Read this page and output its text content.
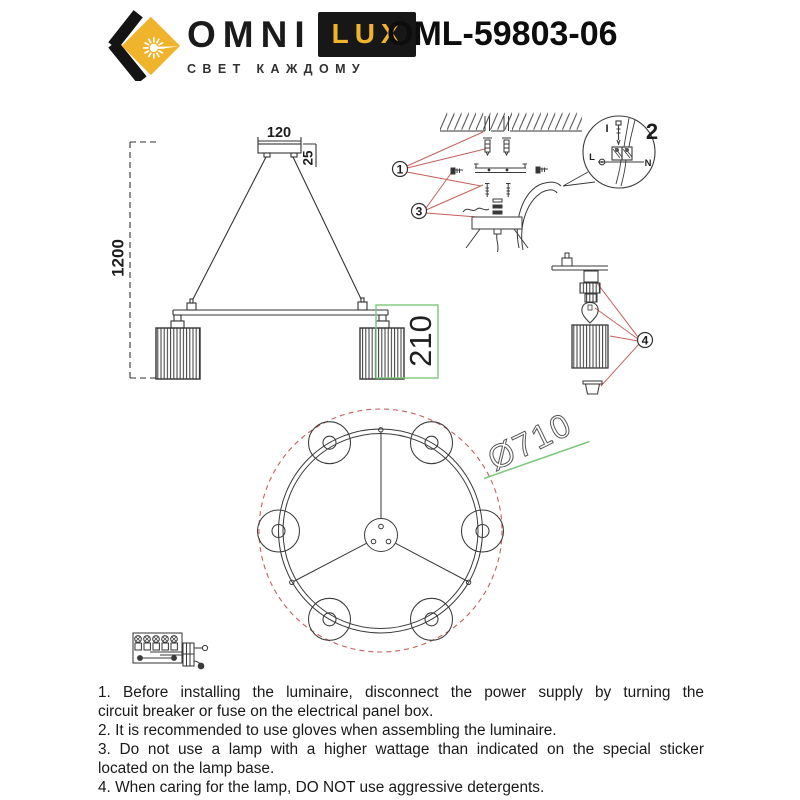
OMNI LUX
СВЕТ КАЖДОМУ
OML-59803-06
120
25
1200
210
I
L
N
2
1
3
4
Ø710
1. Before installing the luminaire, disconnect the power supply by turning the
circuit breaker or fuse on the electrical panel box.
2. It is recommended to use gloves when assembling the luminaire.
3. Do not use a lamp with a higher wattage than indicated on the special sticker
located on the lamp base.
4. When caring for the lamp, DO NOT use aggressive detergents.
